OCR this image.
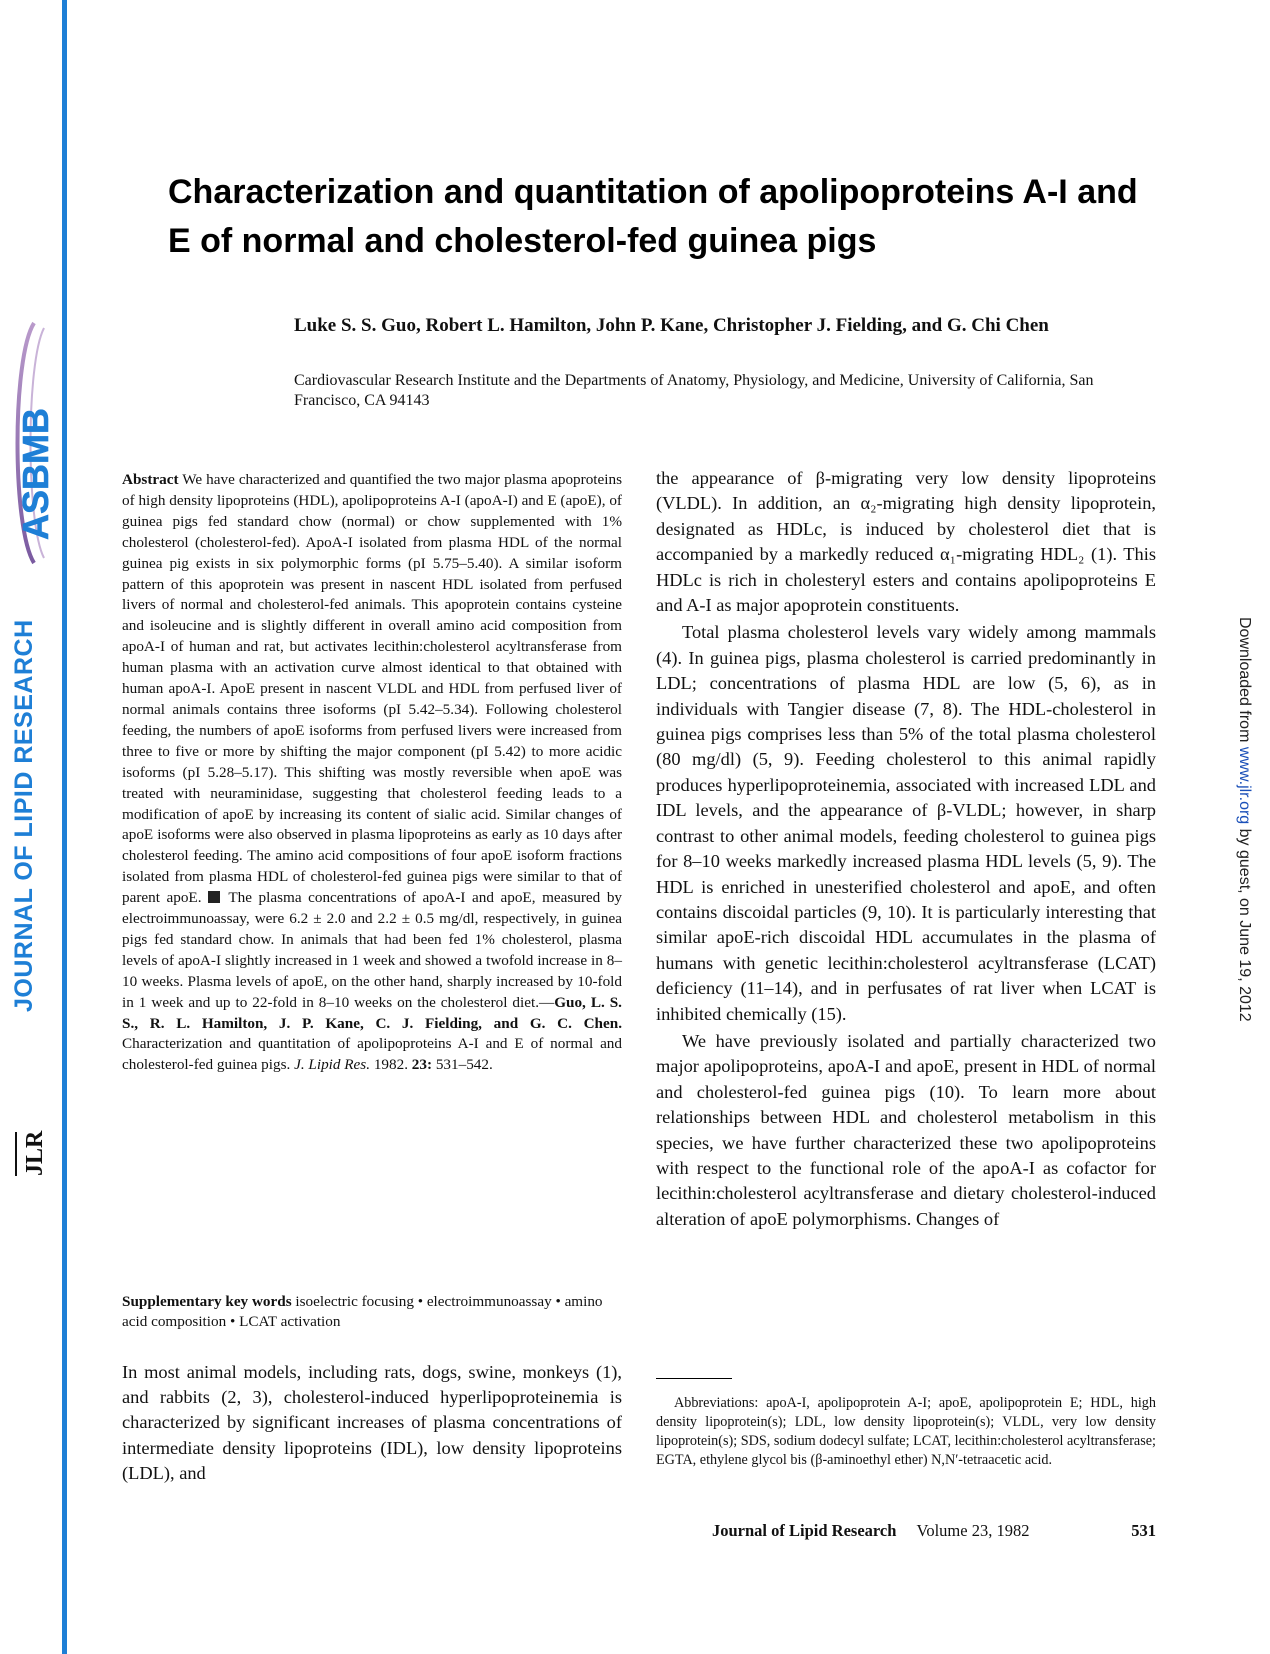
ASBMB
JOURNAL OF LIPID RESEARCH
JLR
Downloaded from www.jlr.org by guest, on June 19, 2012
Characterization and quantitation of apolipoproteins A-I and E of normal and cholesterol-fed guinea pigs

Luke S. S. Guo, Robert L. Hamilton, John P. Kane, Christopher J. Fielding, and G. Chi Chen

Cardiovascular Research Institute and the Departments of Anatomy, Physiology, and Medicine, University of California, San Francisco, CA 94143

Abstract We have characterized and quantified the two major plasma apoproteins of high density lipoproteins (HDL), apolipoproteins A-I (apoA-I) and E (apoE), of guinea pigs fed standard chow (normal) or chow supplemented with 1% cholesterol (cholesterol-fed). ApoA-I isolated from plasma HDL of the normal guinea pig exists in six polymorphic forms (pI 5.75–5.40). A similar isoform pattern of this apoprotein was present in nascent HDL isolated from perfused livers of normal and cholesterol-fed animals. This apoprotein contains cysteine and isoleucine and is slightly different in overall amino acid composition from apoA-I of human and rat, but activates lecithin:cholesterol acyltransferase from human plasma with an activation curve almost identical to that obtained with human apoA-I. ApoE present in nascent VLDL and HDL from perfused liver of normal animals contains three isoforms (pI 5.42–5.34). Following cholesterol feeding, the numbers of apoE isoforms from perfused livers were increased from three to five or more by shifting the major component (pI 5.42) to more acidic isoforms (pI 5.28–5.17). This shifting was mostly reversible when apoE was treated with neuraminidase, suggesting that cholesterol feeding leads to a modification of apoE by increasing its content of sialic acid. Similar changes of apoE isoforms were also observed in plasma lipoproteins as early as 10 days after cholesterol feeding. The amino acid compositions of four apoE isoform fractions isolated from plasma HDL of cholesterol-fed guinea pigs were similar to that of parent apoE. The plasma concentrations of apoA-I and apoE, measured by electroimmunoassay, were 6.2 ± 2.0 and 2.2 ± 0.5 mg/dl, respectively, in guinea pigs fed standard chow. In animals that had been fed 1% cholesterol, plasma levels of apoA-I slightly increased in 1 week and showed a twofold increase in 8–10 weeks. Plasma levels of apoE, on the other hand, sharply increased by 10-fold in 1 week and up to 22-fold in 8–10 weeks on the cholesterol diet.—Guo, L. S. S., R. L. Hamilton, J. P. Kane, C. J. Fielding, and G. C. Chen. Characterization and quantitation of apolipoproteins A-I and E of normal and cholesterol-fed guinea pigs. J. Lipid Res. 1982. 23: 531–542.

Supplementary key words isoelectric focusing • electroimmunoassay • amino acid composition • LCAT activation

In most animal models, including rats, dogs, swine, monkeys (1), and rabbits (2, 3), cholesterol-induced hyperlipoproteinemia is characterized by significant increases of plasma concentrations of intermediate density lipoproteins (IDL), low density lipoproteins (LDL), and

the appearance of β-migrating very low density lipoproteins (VLDL). In addition, an α₂-migrating high density lipoprotein, designated as HDLc, is induced by cholesterol diet that is accompanied by a markedly reduced α₁-migrating HDL₂ (1). This HDLc is rich in cholesteryl esters and contains apolipoproteins E and A-I as major apoprotein constituents.

Total plasma cholesterol levels vary widely among mammals (4). In guinea pigs, plasma cholesterol is carried predominantly in LDL; concentrations of plasma HDL are low (5, 6), as in individuals with Tangier disease (7, 8). The HDL-cholesterol in guinea pigs comprises less than 5% of the total plasma cholesterol (80 mg/dl) (5, 9). Feeding cholesterol to this animal rapidly produces hyperlipoproteinemia, associated with increased LDL and IDL levels, and the appearance of β-VLDL; however, in sharp contrast to other animal models, feeding cholesterol to guinea pigs for 8–10 weeks markedly increased plasma HDL levels (5, 9). The HDL is enriched in unesterified cholesterol and apoE, and often contains discoidal particles (9, 10). It is particularly interesting that similar apoE-rich discoidal HDL accumulates in the plasma of humans with genetic lecithin:cholesterol acyltransferase (LCAT) deficiency (11–14), and in perfusates of rat liver when LCAT is inhibited chemically (15).

We have previously isolated and partially characterized two major apolipoproteins, apoA-I and apoE, present in HDL of normal and cholesterol-fed guinea pigs (10). To learn more about relationships between HDL and cholesterol metabolism in this species, we have further characterized these two apolipoproteins with respect to the functional role of the apoA-I as cofactor for lecithin:cholesterol acyltransferase and dietary cholesterol-induced alteration of apoE polymorphisms. Changes of

Abbreviations: apoA-I, apolipoprotein A-I; apoE, apolipoprotein E; HDL, high density lipoprotein(s); LDL, low density lipoprotein(s); VLDL, very low density lipoprotein(s); SDS, sodium dodecyl sulfate; LCAT, lecithin:cholesterol acyltransferase; EGTA, ethylene glycol bis (β-aminoethyl ether) N,N′-tetraacetic acid.

Journal of Lipid Research Volume 23, 1982	531
